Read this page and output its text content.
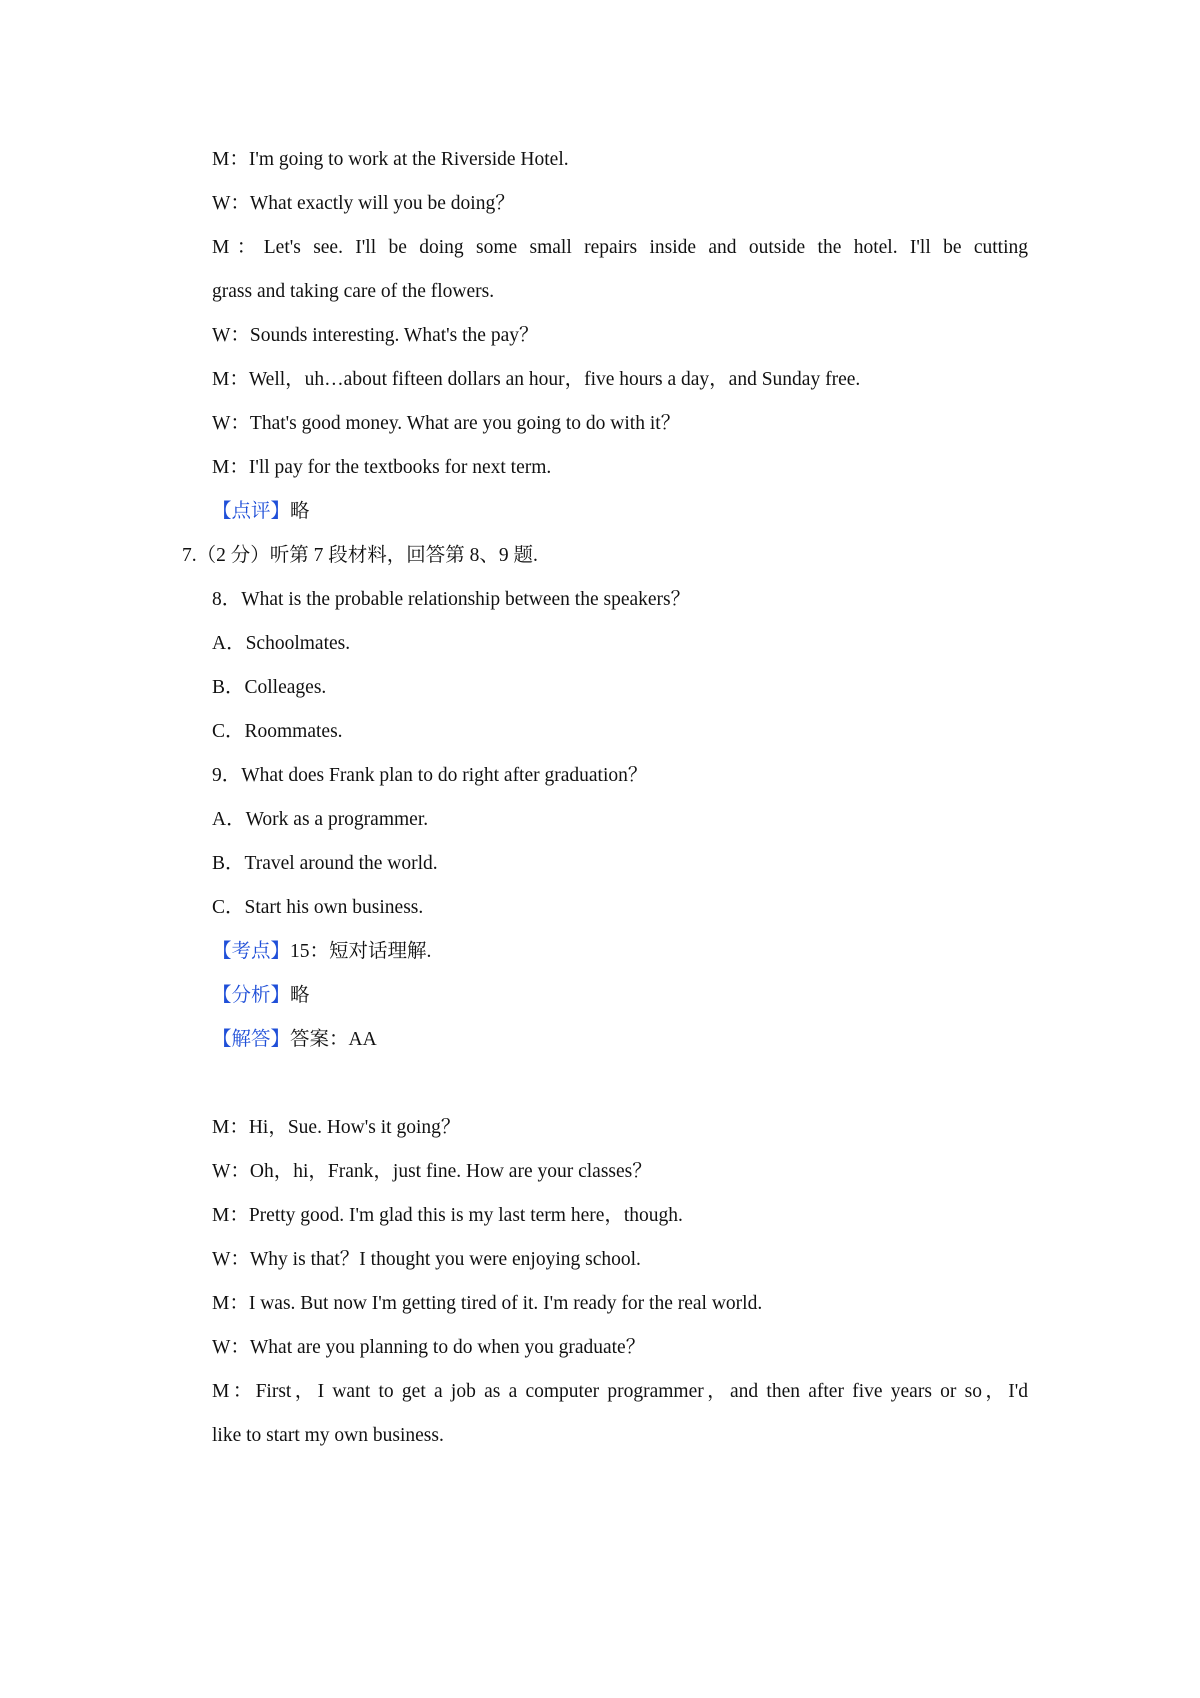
M：I'm going to work at the Riverside Hotel.
W：What exactly will you be doing？
M：Let's see. I'll be doing some small repairs inside and outside the hotel. I'll be cutting
grass and taking care of the flowers.
W：Sounds interesting. What's the pay？
M：Well，uh…about fifteen dollars an hour，five hours a day，and Sunday free.
W：That's good money. What are you going to do with it？
M：I'll pay for the textbooks for next term.
【点评】略
7.（2 分）听第 7 段材料，回答第 8、9 题.
8．What is the probable relationship between the speakers？
A．Schoolmates.
B．Colleages.
C．Roommates.
9．What does Frank plan to do right after graduation？
A．Work as a programmer.
B．Travel around the world.
C．Start his own business.
【考点】15：短对话理解.
【分析】略
【解答】答案：AA
M：Hi，Sue. How's it going？
W：Oh，hi，Frank，just fine. How are your classes？
M：Pretty good. I'm glad this is my last term here，though.
W：Why is that？I thought you were enjoying school.
M：I was. But now I'm getting tired of it. I'm ready for the real world.
W：What are you planning to do when you graduate？
M：First，I want to get a job as a computer programmer，and then after five years or so，I'd
like to start my own business.
